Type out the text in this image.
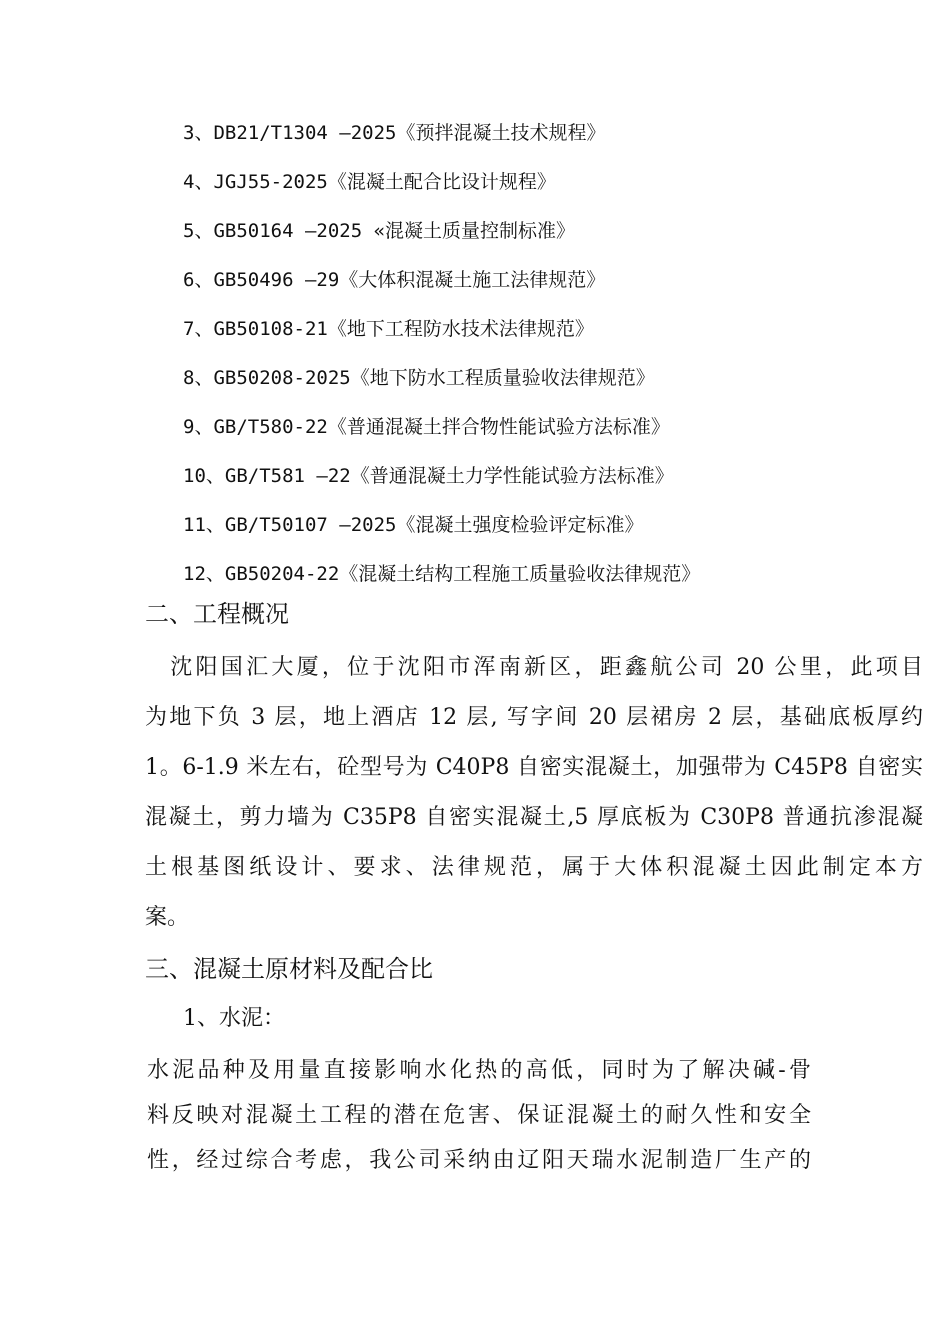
3、DB21/T1304 —2025《预拌混凝土技术规程》
4、JGJ55-2025《混凝土配合比设计规程》
5、GB50164 —2025 «混凝土质量控制标准》
6、GB50496 —29《大体积混凝土施工法律规范》
7、GB50108-21《地下工程防水技术法律规范》
8、GB50208-2025《地下防水工程质量验收法律规范》
9、GB/T580-22《普通混凝土拌合物性能试验方法标准》
10、GB/T581 —22《普通混凝土力学性能试验方法标准》
11、GB/T50107 —2025《混凝土强度检验评定标准》
12、GB50204-22《混凝土结构工程施工质量验收法律规范》
二、工程概况
　沈阳国汇大厦，位于沈阳市浑南新区，距鑫航公司 20 公里，此项目
为地下负 3 层，地上酒店 12 层, 写字间 20 层裙房 2 层，基础底板厚约
1。6-1.9 米左右，砼型号为 C40P8 自密实混凝土，加强带为 C45P8 自密实
混凝土，剪力墙为 C35P8 自密实混凝土,5 厚底板为 C30P8 普通抗渗混凝
土根基图纸设计、要求、法律规范，属于大体积混凝土因此制定本方
案。
三、混凝土原材料及配合比

1、水泥：

水泥品种及用量直接影响水化热的高低，同时为了解决碱-骨
料反映对混凝土工程的潜在危害、保证混凝土的耐久性和安全
性，经过综合考虑，我公司采纳由辽阳天瑞水泥制造厂生产的
